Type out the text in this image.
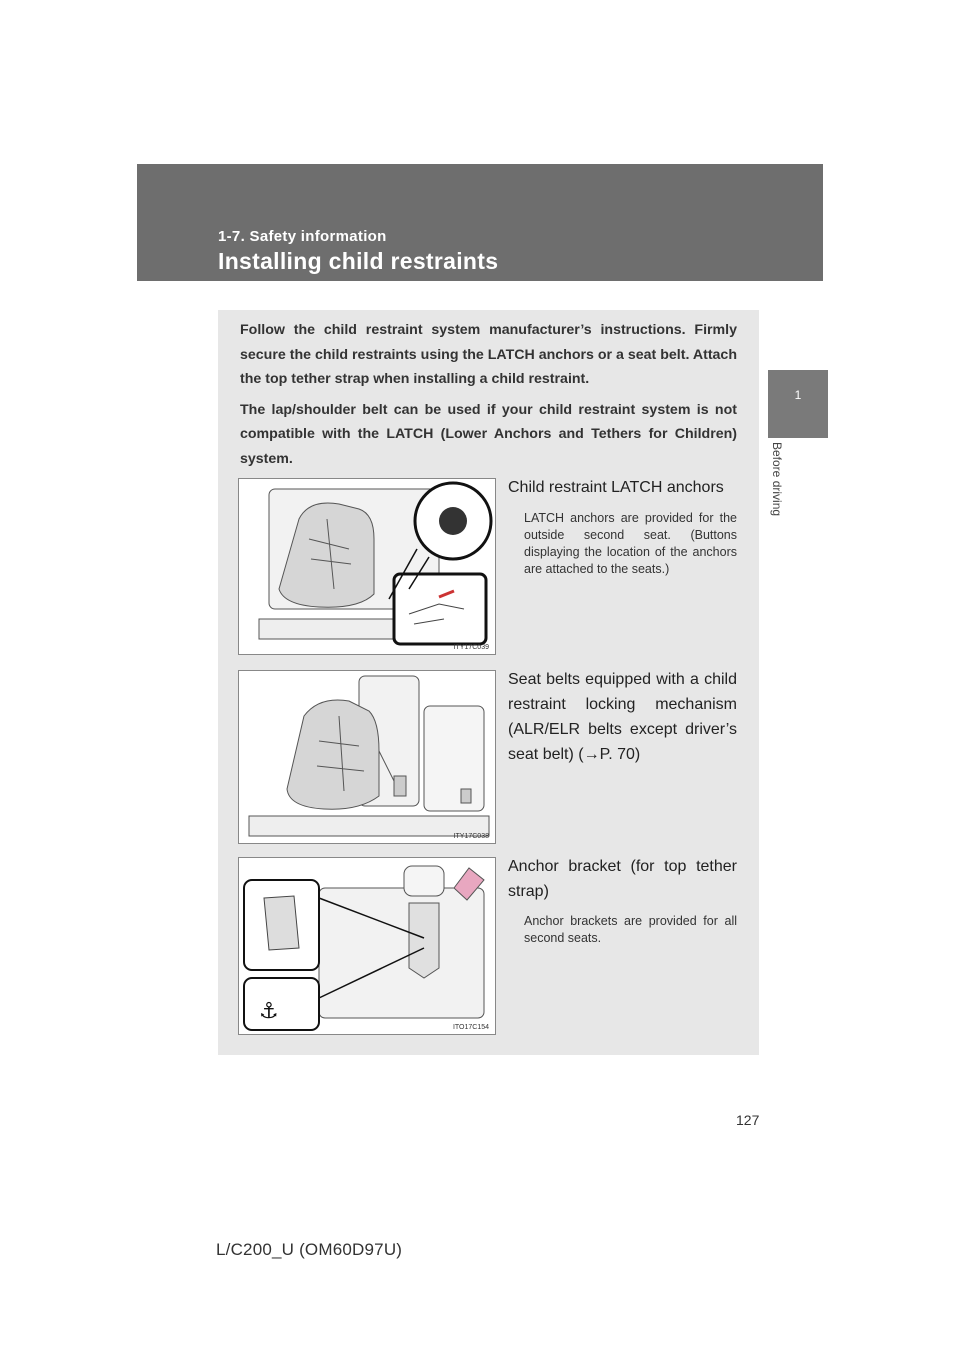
1-7. Safety information
Installing child restraints
1
Before driving

Follow the child restraint system manufacturer’s instructions. Firmly secure the child restraints using the LATCH anchors or a seat belt. Attach the top tether strap when installing a child restraint.

The lap/shoulder belt can be used if your child restraint system is not compatible with the LATCH (Lower Anchors and Tethers for Children) system.

ITY17C039
Child restraint LATCH anchors
LATCH anchors are provided for the outside second seat. (Buttons displaying the location of the anchors are attached to the seats.)
ITY17C038
Seat belts equipped with a child restraint locking mechanism (ALR/ELR belts except driver’s seat belt) (→P. 70)
⚓
ITO17C154
Anchor bracket (for top tether strap)
Anchor brackets are provided for all second seats.
127
L/C200_U (OM60D97U)
